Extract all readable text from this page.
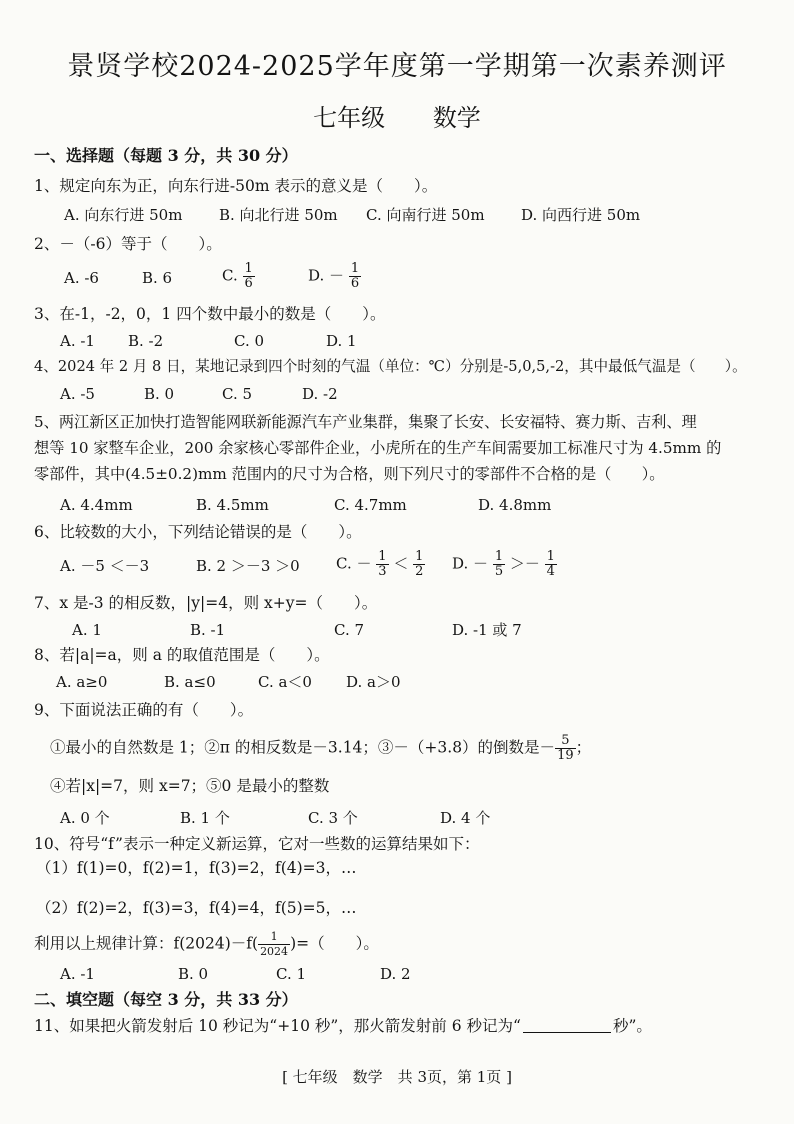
景贤学校2024-2025学年度第一学期第一次素养测评
七年级 数学
一、选择题（每题 3 分，共 30 分）
1、规定向东为正，向东行进-50m 表示的意义是（　　）。
A. 向东行进 50m B. 向北行进 50m C. 向南行进 50m D. 向西行进 50m
2、－（-6）等于（　　）。
A. -6	B. 6	C. $\frac{1}{6}$	D. － $\frac{1}{6}$
3、在-1，-2，0，1 四个数中最小的数是（　　）。
A. -1 B. -2	C. 0	D. 1
4、2024 年 2 月 8 日，某地记录到四个时刻的气温（单位：℃）分别是-5,0,5,-2，其中最低气温是（　　）。
A. -5	B. 0	C. 5	D. -2
5、两江新区正加快打造智能网联新能源汽车产业集群，集聚了长安、长安福特、赛力斯、吉利、理
想等 10 家整车企业，200 余家核心零部件企业，小虎所在的生产车间需要加工标准尺寸为 4.5mm 的
零部件，其中(4.5±0.2)mm 范围内的尺寸为合格，则下列尺寸的零部件不合格的是（　　）。
A. 4.4mm	B. 4.5mm	C. 4.7mm	D. 4.8mm
6、比较数的大小，下列结论错误的是（　　）。
A. －5 ＜－3	B. 2 ＞－3 ＞0 C. － $\frac{1}{3} < \frac{1}{2} D$. － $\frac{1}{5} >- \frac{1}{4}$
7、x 是-3 的相反数，|y|=4，则 x+y=（　　）。
A. 1	B. -1	C. 7	D. -1 或 7
8、若|a|=a，则 a 的取值范围是（　　）。
A. a≥0	B. a≤0	C. a＜0 D. a＞0
9、下面说法正确的有（　　）。
①最小的自然数是 1；②π 的相反数是－3.14；③－（+3.8）的倒数是－ $\frac{5}{19}$ ；
④若|x|=7，则 x=7；⑤0 是最小的整数
A. 0 个	B. 1 个	C. 3 个	D. 4 个
10、符号“f”表示一种定义新运算，它对一些数的运算结果如下：
（1）f(1)=0，f(2)=1，f(3)=2，f(4)=3，…
（2）f(2)=2，f(3)=3，f(4)=4，f(5)=5，…
利用以上规律计算：$f(2024)-f( \frac{1}{2024}$ )=（　　）。
A. -1	B. 0	C. 1	D. 2
二、填空题（每空 3 分，共 33 分）
11、如果把火箭发射后 10 秒记为“+10 秒”，那火箭发射前 6 秒记为“	秒”。
[ 七年级　数学　共 3页，第 1页 ]
